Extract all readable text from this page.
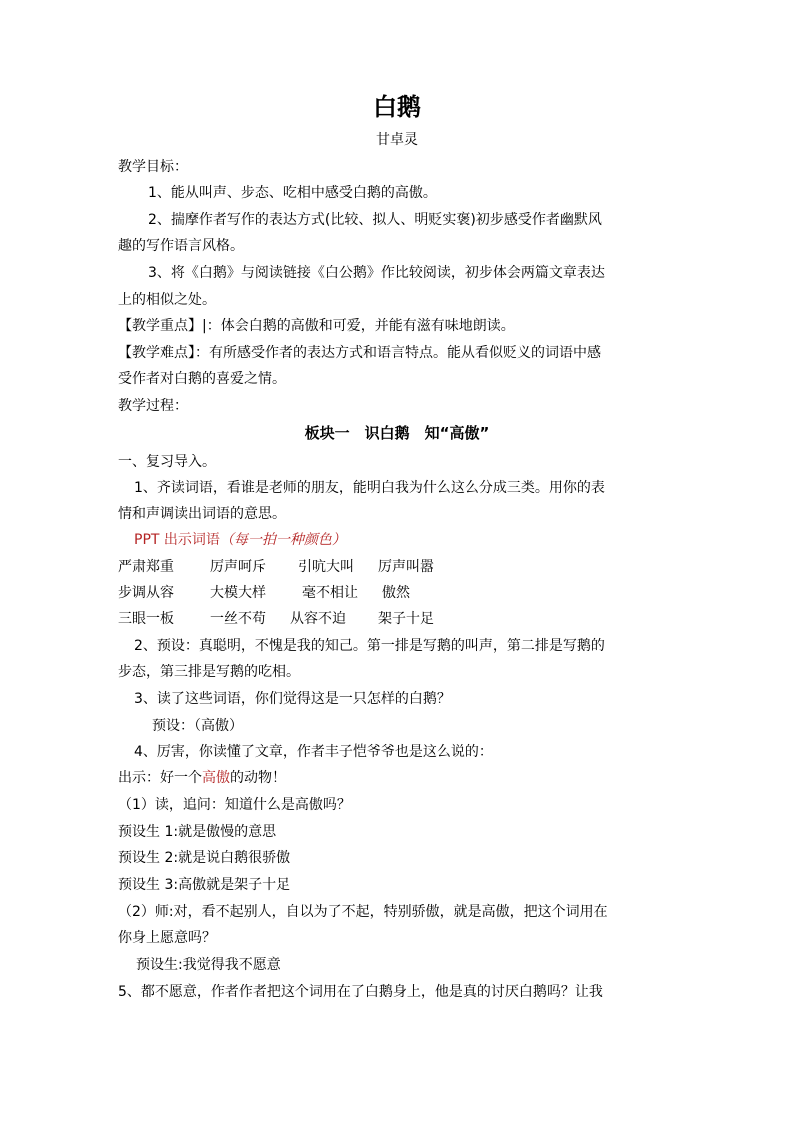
白鹅
甘卓灵
教学目标：
1、能从叫声、步态、吃相中感受白鹅的高傲。
2、揣摩作者写作的表达方式(比较、拟人、明贬实褒)初步感受作者幽默风
趣的写作语言风格。
3、将《白鹅》与阅读链接《白公鹅》作比较阅读，初步体会两篇文章表达
上的相似之处。
【教学重点】|：体会白鹅的高傲和可爱，并能有滋有味地朗读。
【教学难点】：有所感受作者的表达方式和语言特点。能从看似贬义的词语中感
受作者对白鹅的喜爱之情。
教学过程：
板块一　识白鹅　知“高傲”
一、复习导入。
1、齐读词语，看谁是老师的朋友，能明白我为什么这么分成三类。用你的表
情和声调读出词语的意思。
PPT 出示词语（每一拍一种颜色）
严肃郑重	厉声呵斥 引吭大叫 厉声叫嚣
步调从容	大模大样	毫不相让 傲然
三眼一板	一丝不苟 从容不迫 架子十足
2、预设：真聪明，不愧是我的知己。第一排是写鹅的叫声，第二排是写鹅的
步态，第三排是写鹅的吃相。
3、读了这些词语，你们觉得这是一只怎样的白鹅？
预设：（高傲）
4、厉害，你读懂了文章，作者丰子恺爷爷也是这么说的：
出示：好一个高傲的动物！
（1）读，追问：知道什么是高傲吗？
预设生 1:就是傲慢的意思
预设生 2:就是说白鹅很骄傲
预设生 3:高傲就是架子十足
（2）师:对，看不起别人，自以为了不起，特别骄傲，就是高傲，把这个词用在
你身上愿意吗？
预设生:我觉得我不愿意
5、都不愿意，作者作者把这个词用在了白鹅身上，他是真的讨厌白鹅吗？让我
